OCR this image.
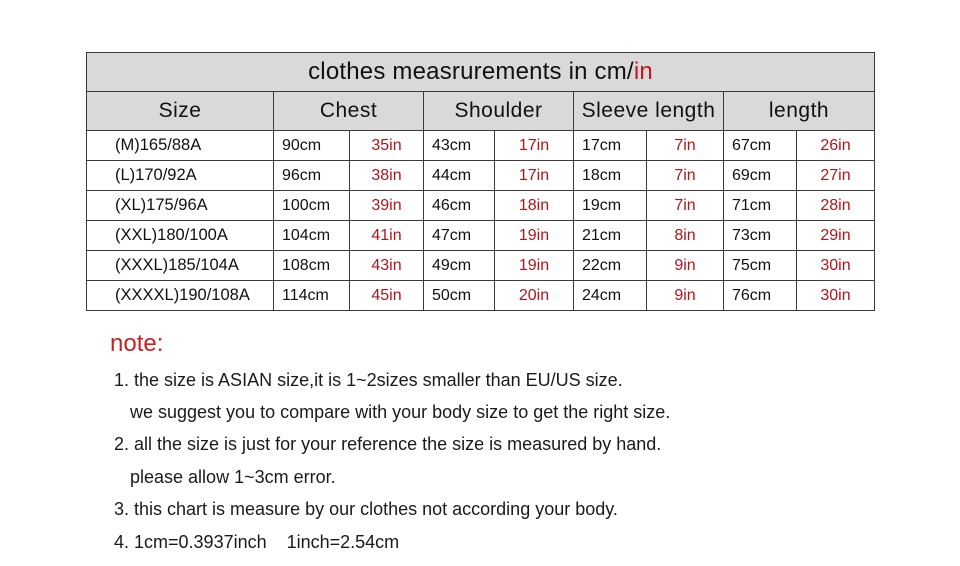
clothes measrurements in cm/in								
Size	Chest		Shoulder		Sleeve length		length	
(M)165/88A	90cm	35in	43cm	17in	17cm	7in	67cm	26in
(L)170/92A	96cm	38in	44cm	17in	18cm	7in	69cm	27in
(XL)175/96A	100cm	39in	46cm	18in	19cm	7in	71cm	28in
(XXL)180/100A	104cm	41in	47cm	19in	21cm	8in	73cm	29in
(XXXL)185/104A	108cm	43in	49cm	19in	22cm	9in	75cm	30in
(XXXXL)190/108A	114cm	45in	50cm	20in	24cm	9in	76cm	30in
note:

1. the size is ASIAN size,it is 1~2sizes smaller than EU/US size.

we suggest you to compare with your body size to get the right size.

2. all the size is just for your reference the size is measured by hand.

please allow 1~3cm error.

3. this chart is measure by our clothes not according your body.

4. 1cm=0.3937inch    1inch=2.54cm
